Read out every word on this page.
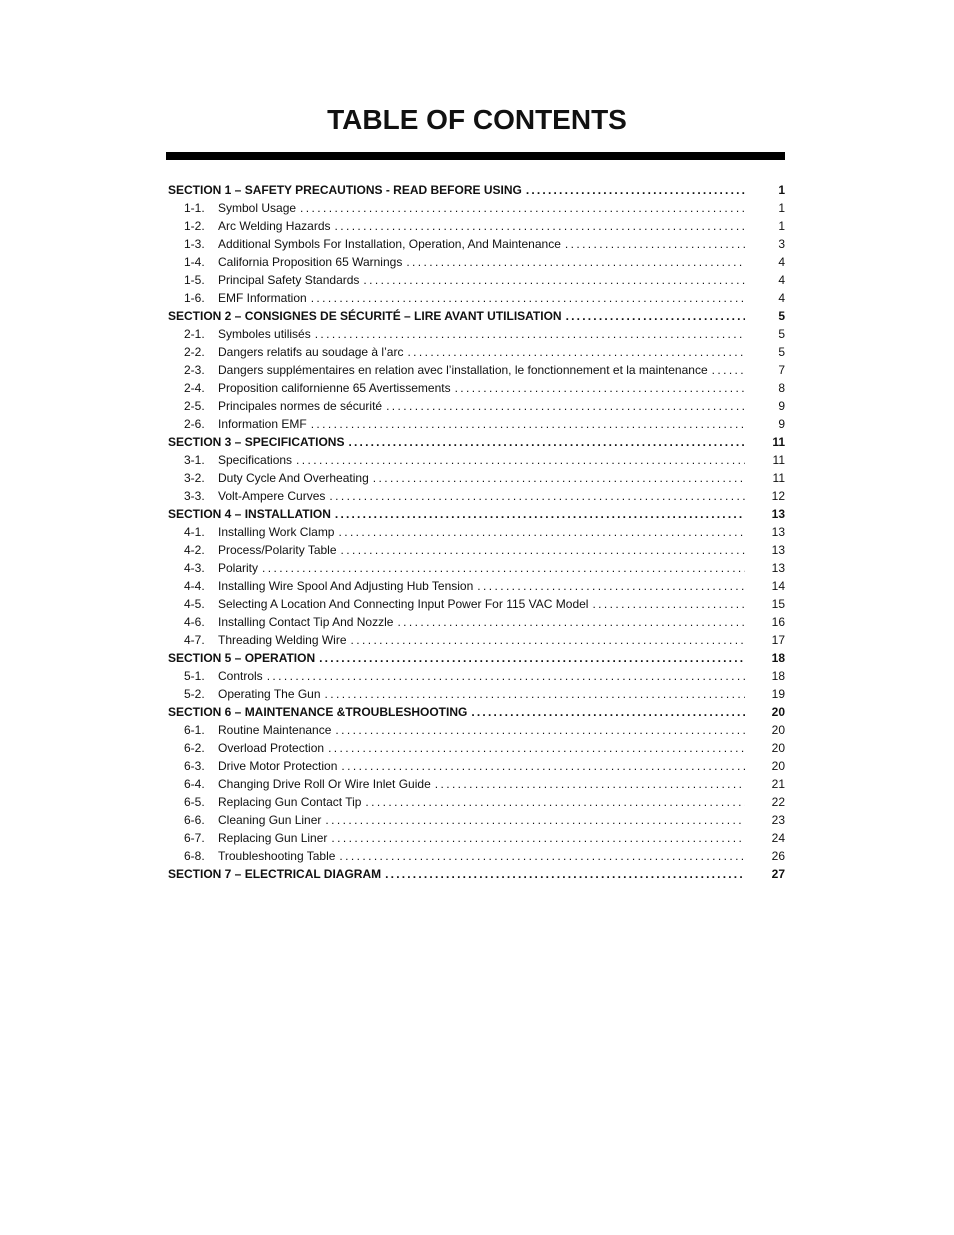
TABLE OF CONTENTS
SECTION 1 – SAFETY PRECAUTIONS - READ BEFORE USING .....	1
1-1.	Symbol Usage .....	1
1-2.	Arc Welding Hazards .....	1
1-3.	Additional Symbols For Installation, Operation, And Maintenance .....	3
1-4.	California Proposition 65 Warnings .....	4
1-5.	Principal Safety Standards .....	4
1-6.	EMF Information .....	4
SECTION 2 – CONSIGNES DE SÉCURITÉ – LIRE AVANT UTILISATION .....	5
2-1.	Symboles utilisés .....	5
2-2.	Dangers relatifs au soudage à l’arc .....	5
2-3.	Dangers supplémentaires en relation avec l’installation, le fonctionnement et la maintenance .....	7
2-4.	Proposition californienne 65 Avertissements .....	8
2-5.	Principales normes de sécurité .....	9
2-6.	Information EMF .....	9
SECTION 3 – SPECIFICATIONS .....	11
3-1.	Specifications .....	11
3-2.	Duty Cycle And Overheating .....	11
3-3.	Volt-Ampere Curves .....	12
SECTION 4 – INSTALLATION .....	13
4-1.	Installing Work Clamp .....	13
4-2.	Process/Polarity Table .....	13
4-3.	Polarity .....	13
4-4.	Installing Wire Spool And Adjusting Hub Tension .....	14
4-5.	Selecting A Location And Connecting Input Power For 115 VAC Model .....	15
4-6.	Installing Contact Tip And Nozzle .....	16
4-7.	Threading Welding Wire .....	17
SECTION 5 – OPERATION .....	18
5-1.	Controls .....	18
5-2.	Operating The Gun .....	19
SECTION 6 – MAINTENANCE &TROUBLESHOOTING .....	20
6-1.	Routine Maintenance .....	20
6-2.	Overload Protection .....	20
6-3.	Drive Motor Protection .....	20
6-4.	Changing Drive Roll Or Wire Inlet Guide .....	21
6-5.	Replacing Gun Contact Tip .....	22
6-6.	Cleaning Gun Liner .....	23
6-7.	Replacing Gun Liner .....	24
6-8.	Troubleshooting Table .....	26
SECTION 7 – ELECTRICAL DIAGRAM .....	27
